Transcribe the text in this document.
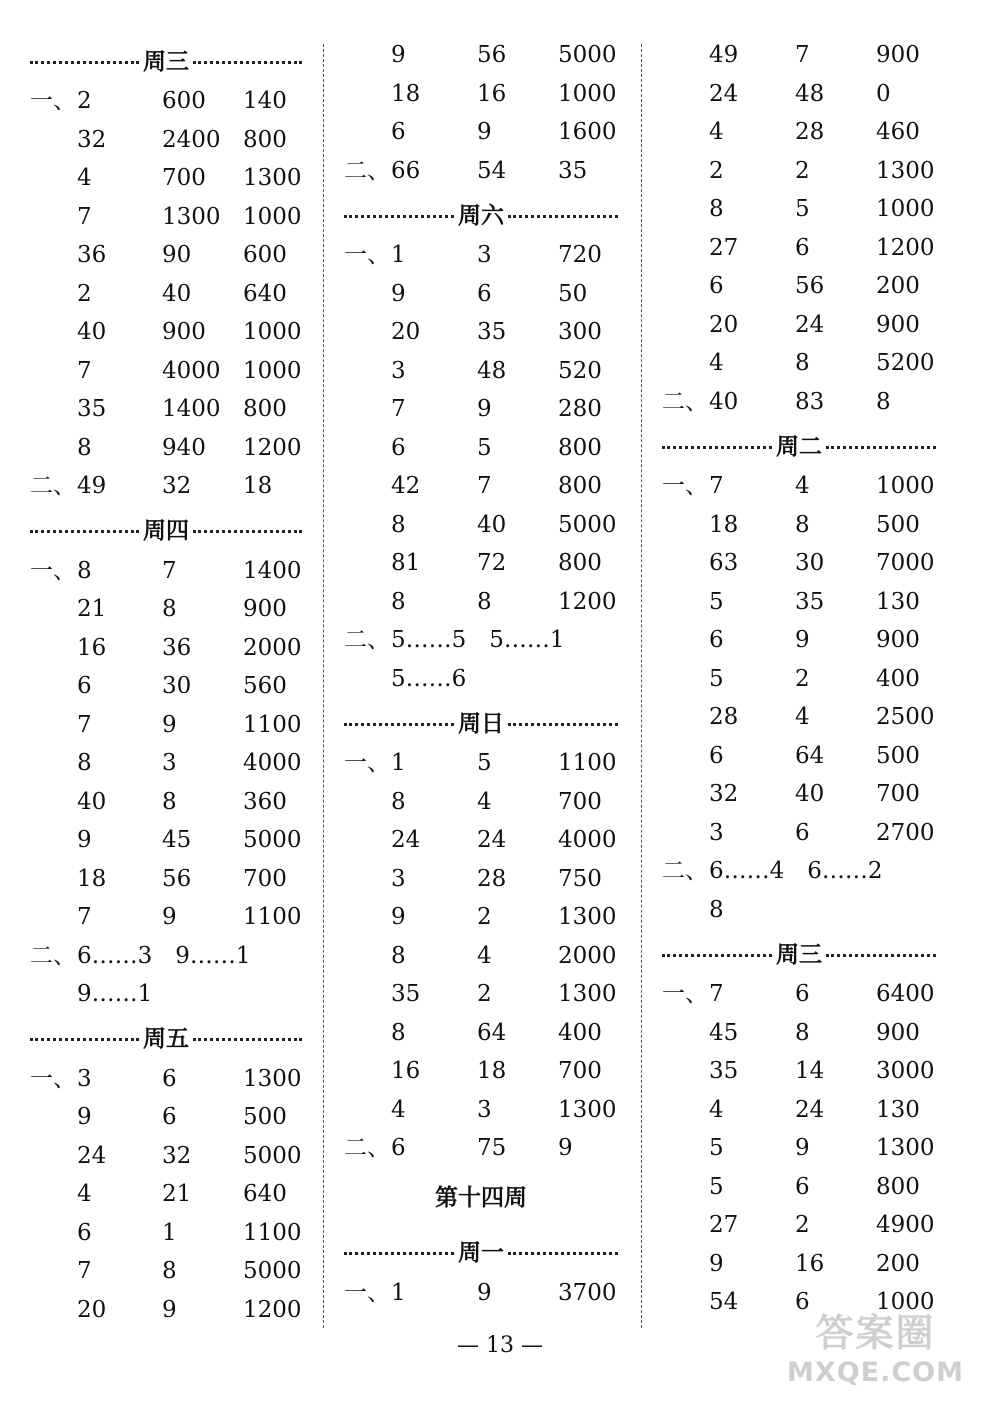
周三
一、 2	600 140
32 2400 800
4	700 1300
7	1300 1000
36 90 600
2	40 640
40 900 1000
7	4000 1000
35 1400 800
8	940 1200
二、 49 32 18
周四
一、 8	7	1400
21 8	900
16 36 2000
6	30 560
7	9	1100
8	3	4000
40 8	360
9	45 5000
18 56 700
7	9	1100
二、 6……3　9……1
9……1
周五
一、 3	6	1300
9	6	500
24 32 5000
4	21 640
6	1	1100
7	8	5000
20 9	1200
9	56 5000
18 16 1000
6	9	1600
二、 66 54 35
周六
一、 1	3	720
9	6	50
20 35 300
3	48 520
7	9	280
6	5	800
42 7	800
8	40 5000
81 72 800
8	8	1200
二、 5……5　5……1
5……6
周日
一、 1	5	1100
8	4	700
24 24 4000
3	28 750
9	2	1300
8	4	2000
35 2	1300
8	64 400
16 18 700
4	3	1300
二、 6	75 9
第十四周
周一
一、 1	9	3700
49 7	900
24 48 0
4	28 460
2	2	1300
8	5	1000
27 6	1200
6	56 200
20 24 900
4	8	5200
二、 40 83 8
周二
一、 7	4	1000
18 8	500
63 30 7000
5	35 130
6	9	900
5	2	400
28 4	2500
6	64 500
32 40 700
3	6	2700
二、 6……4　6……2
8
周三
一、 7	6	6400
45 8	900
35 14 3000
4	24 130
5	9	1300
5	6	800
27 2	4900
9	16 200
54 6	1000
— 13 —	答案圈
MXQE.COM
